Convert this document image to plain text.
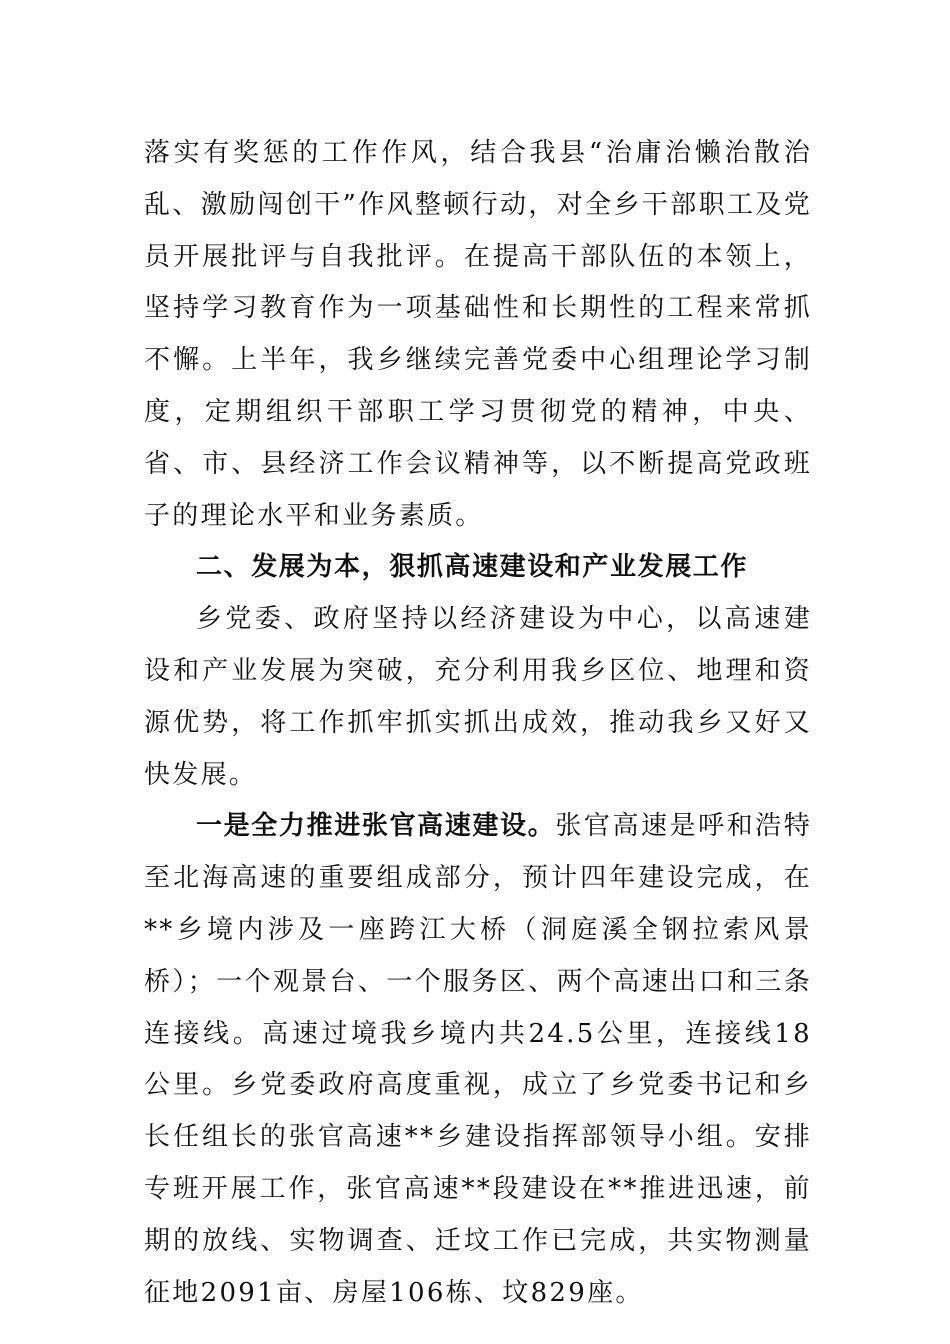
落实有奖惩的工作作风，结合我县“治庸治懒治散治乱、激励闯创干”作风整顿行动，对全乡干部职工及党员开展批评与自我批评。在提高干部队伍的本领上，坚持学习教育作为一项基础性和长期性的工程来常抓不懈。上半年，我乡继续完善党委中心组理论学习制度，定期组织干部职工学习贯彻党的精神，中央、省、市、县经济工作会议精神等，以不断提高党政班子的理论水平和业务素质。

二、发展为本，狠抓高速建设和产业发展工作

乡党委、政府坚持以经济建设为中心，以高速建设和产业发展为突破，充分利用我乡区位、地理和资源优势，将工作抓牢抓实抓出成效，推动我乡又好又快发展。

一是全力推进张官高速建设。张官高速是呼和浩特至北海高速的重要组成部分，预计四年建设完成，在**乡境内涉及一座跨江大桥（洞庭溪全钢拉索风景桥）；一个观景台、一个服务区、两个高速出口和三条连接线。高速过境我乡境内共24.5公里，连接线18公里。乡党委政府高度重视，成立了乡党委书记和乡长任组长的张官高速**乡建设指挥部领导小组。安排专班开展工作，张官高速**段建设在**推进迅速，前期的放线、实物调查、迁坟工作已完成，共实物测量征地2091亩、房屋106栋、坟829座。
